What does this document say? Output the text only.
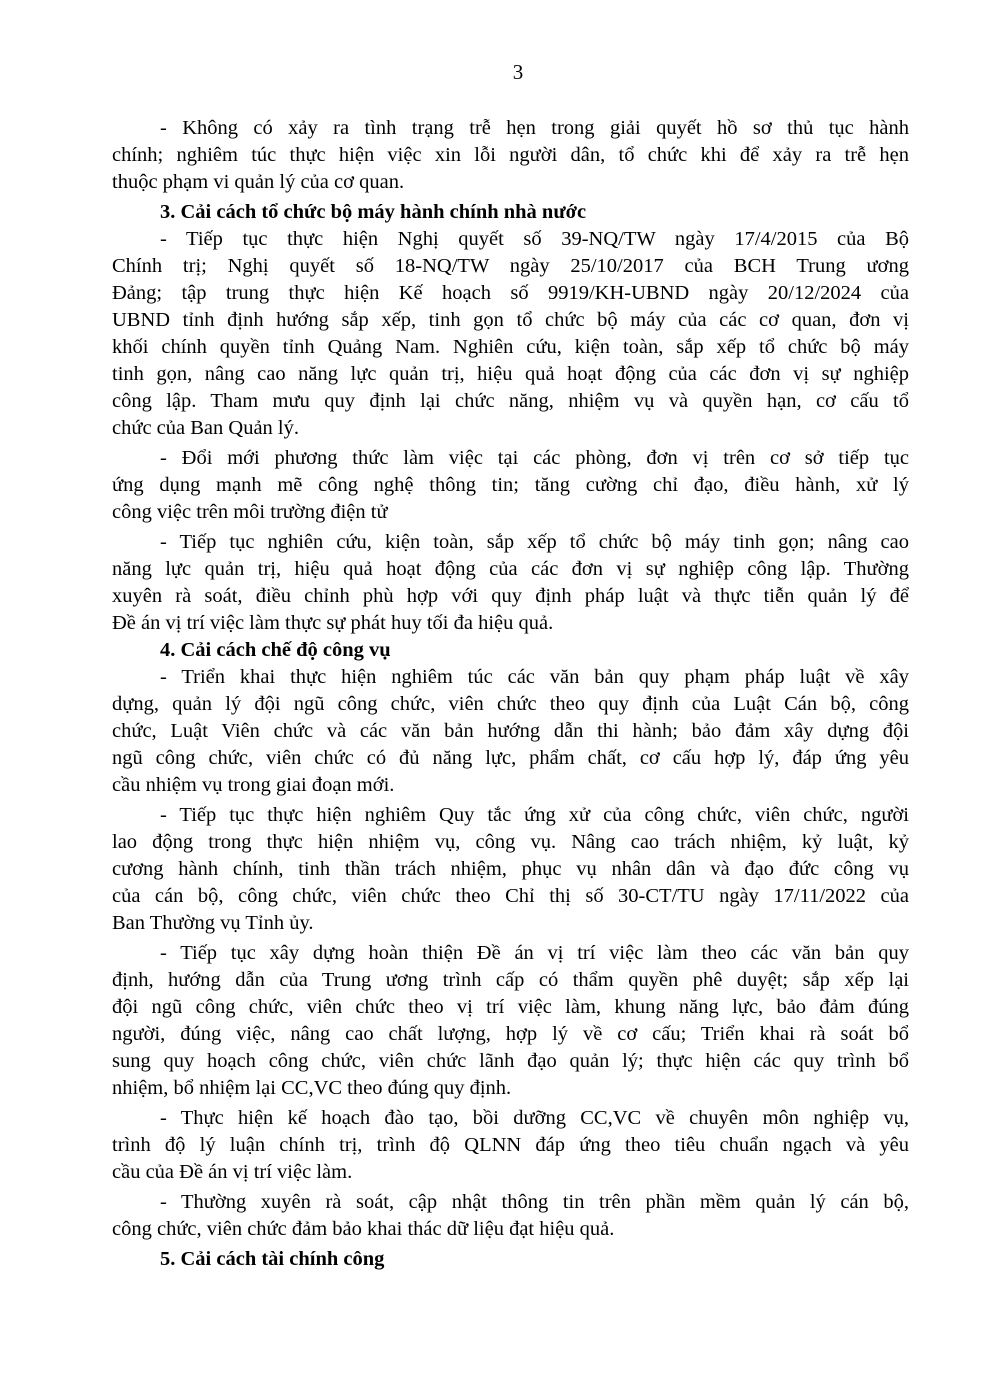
3
- Không có xảy ra tình trạng trễ hẹn trong giải quyết hồ sơ thủ tục hành
chính; nghiêm túc thực hiện việc xin lỗi người dân, tổ chức khi để xảy ra trễ hẹn
thuộc phạm vi quản lý của cơ quan.
3. Cải cách tổ chức bộ máy hành chính nhà nước
- Tiếp tục thực hiện Nghị quyết số 39-NQ/TW ngày 17/4/2015 của Bộ
Chính trị; Nghị quyết số 18-NQ/TW ngày 25/10/2017 của BCH Trung ương
Đảng; tập trung thực hiện Kế hoạch số 9919/KH-UBND ngày 20/12/2024 của
UBND tỉnh định hướng sắp xếp, tinh gọn tổ chức bộ máy của các cơ quan, đơn vị
khối chính quyền tỉnh Quảng Nam. Nghiên cứu, kiện toàn, sắp xếp tổ chức bộ máy
tinh gọn, nâng cao năng lực quản trị, hiệu quả hoạt động của các đơn vị sự nghiệp
công lập. Tham mưu quy định lại chức năng, nhiệm vụ và quyền hạn, cơ cấu tổ
chức của Ban Quản lý.
- Đổi mới phương thức làm việc tại các phòng, đơn vị trên cơ sở tiếp tục
ứng dụng mạnh mẽ công nghệ thông tin; tăng cường chỉ đạo, điều hành, xử lý
công việc trên môi trường điện tử
- Tiếp tục nghiên cứu, kiện toàn, sắp xếp tổ chức bộ máy tinh gọn; nâng cao
năng lực quản trị, hiệu quả hoạt động của các đơn vị sự nghiệp công lập. Thường
xuyên rà soát, điều chỉnh phù hợp với quy định pháp luật và thực tiễn quản lý để
Đề án vị trí việc làm thực sự phát huy tối đa hiệu quả.
4. Cải cách chế độ công vụ
- Triển khai thực hiện nghiêm túc các văn bản quy phạm pháp luật về xây
dựng, quản lý đội ngũ công chức, viên chức theo quy định của Luật Cán bộ, công
chức, Luật Viên chức và các văn bản hướng dẫn thi hành; bảo đảm xây dựng đội
ngũ công chức, viên chức có đủ năng lực, phẩm chất, cơ cấu hợp lý, đáp ứng yêu
cầu nhiệm vụ trong giai đoạn mới.
- Tiếp tục thực hiện nghiêm Quy tắc ứng xử của công chức, viên chức, người
lao động trong thực hiện nhiệm vụ, công vụ. Nâng cao trách nhiệm, kỷ luật, kỷ
cương hành chính, tinh thần trách nhiệm, phục vụ nhân dân và đạo đức công vụ
của cán bộ, công chức, viên chức theo Chỉ thị số 30-CT/TU ngày 17/11/2022 của
Ban Thường vụ Tỉnh ủy.
- Tiếp tục xây dựng hoàn thiện Đề án vị trí việc làm theo các văn bản quy
định, hướng dẫn của Trung ương trình cấp có thẩm quyền phê duyệt; sắp xếp lại
đội ngũ công chức, viên chức theo vị trí việc làm, khung năng lực, bảo đảm đúng
người, đúng việc, nâng cao chất lượng, hợp lý về cơ cấu; Triển khai rà soát bổ
sung quy hoạch công chức, viên chức lãnh đạo quản lý; thực hiện các quy trình bổ
nhiệm, bổ nhiệm lại CC,VC theo đúng quy định.
- Thực hiện kế hoạch đào tạo, bồi dưỡng CC,VC về chuyên môn nghiệp vụ,
trình độ lý luận chính trị, trình độ QLNN đáp ứng theo tiêu chuẩn ngạch và yêu
cầu của Đề án vị trí việc làm.
- Thường xuyên rà soát, cập nhật thông tin trên phần mềm quản lý cán bộ,
công chức, viên chức đảm bảo khai thác dữ liệu đạt hiệu quả.
5. Cải cách tài chính công
